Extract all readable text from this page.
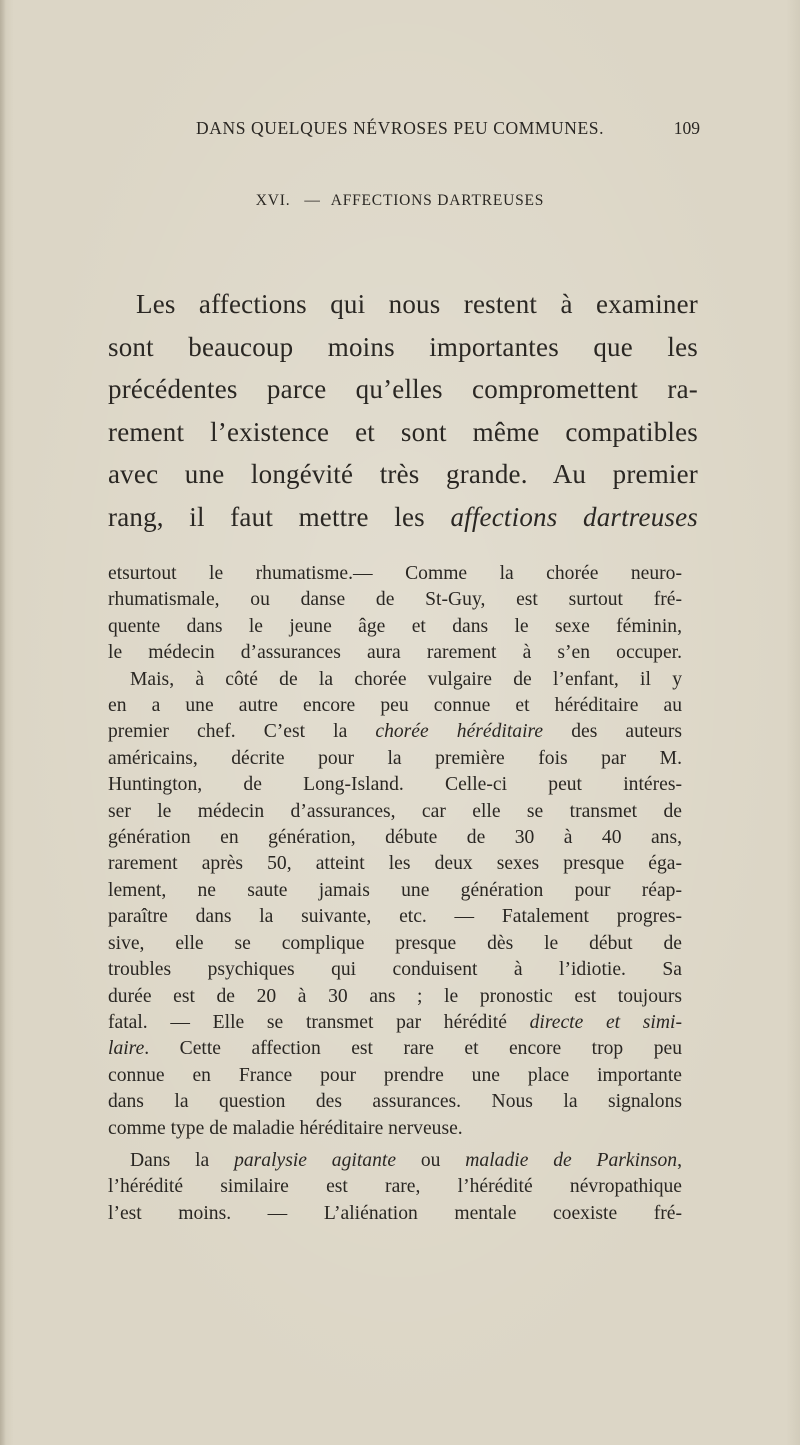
DANS QUELQUES NÉVROSES PEU COMMUNES.	109
XVI. — AFFECTIONS DARTREUSES
Les affections qui nous restent à examiner
sont beaucoup moins importantes que les
précédentes parce qu’elles compromettent ra-
rement l’existence et sont même compatibles
avec une longévité très grande. Au premier
rang, il faut mettre les affections dartreuses
etsurtout le rhumatisme.— Comme la chorée neuro-
rhumatismale, ou danse de St-Guy, est surtout fré-
quente dans le jeune âge et dans le sexe féminin,
le médecin d’assurances aura rarement à s’en occuper.
Mais, à côté de la chorée vulgaire de l’enfant, il y
en a une autre encore peu connue et héréditaire au
premier chef. C’est la chorée héréditaire des auteurs
américains, décrite pour la première fois par M.
Huntington, de Long-Island. Celle-ci peut intéres-
ser le médecin d’assurances, car elle se transmet de
génération en génération, débute de 30 à 40 ans,
rarement après 50, atteint les deux sexes presque éga-
lement, ne saute jamais une génération pour réap-
paraître dans la suivante, etc. — Fatalement progres-
sive, elle se complique presque dès le début de
troubles psychiques qui conduisent à l’idiotie. Sa
durée est de 20 à 30 ans ; le pronostic est toujours
fatal. — Elle se transmet par hérédité directe et simi-
laire. Cette affection est rare et encore trop peu
connue en France pour prendre une place importante
dans la question des assurances. Nous la signalons
comme type de maladie héréditaire nerveuse.
Dans la paralysie agitante ou maladie de Parkinson,
l’hérédité similaire est rare, l’hérédité névropathique
l’est moins. — L’aliénation mentale coexiste fré-
